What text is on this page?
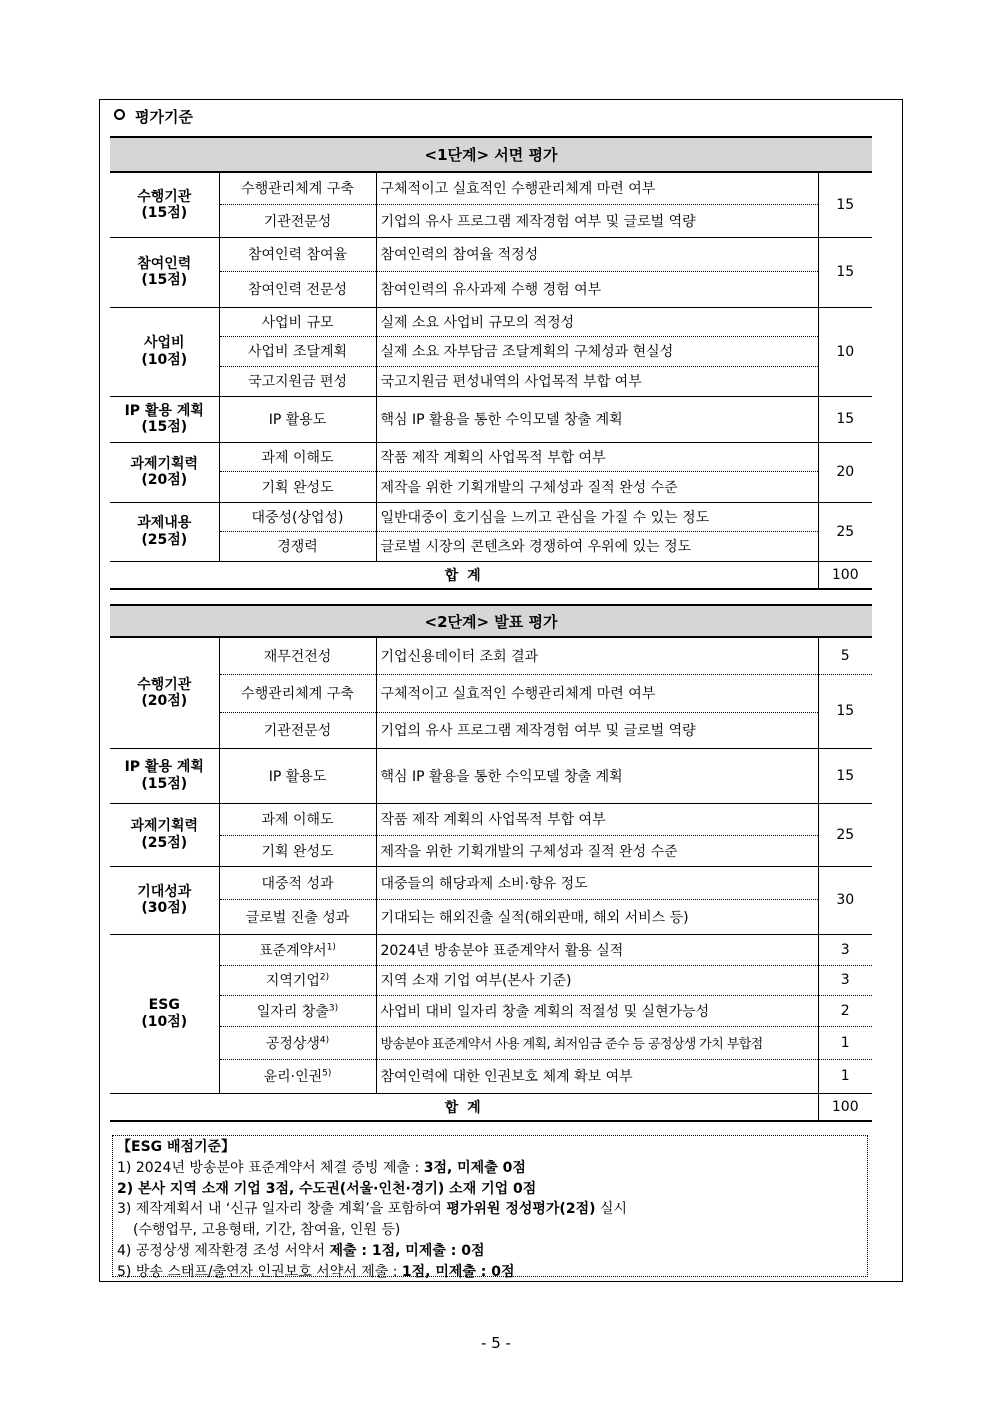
평가기준
<1단계> 서면 평가			
수행기관
(15점)	수행관리체계 구축	구체적이고 실효적인 수행관리체계 마련 여부	15
	기관전문성	기업의 유사 프로그램 제작경험 여부 및 글로벌 역량	
참여인력
(15점)	참여인력 참여율	참여인력의 참여율 적정성	15
	참여인력 전문성	참여인력의 유사과제 수행 경험 여부	
사업비
(10점)	사업비 규모	실제 소요 사업비 규모의 적정성	10
	사업비 조달계획	실제 소요 자부담금 조달계획의 구체성과 현실성	
	국고지원금 편성	국고지원금 편성내역의 사업목적 부합 여부	
IP 활용 계획
(15점)	IP 활용도	핵심 IP 활용을 통한 수익모델 창출 계획	15
과제기획력
(20점)	과제 이해도	작품 제작 계획의 사업목적 부합 여부	20
	기획 완성도	제작을 위한 기획개발의 구체성과 질적 완성 수준	
과제내용
(25점)	대중성(상업성)	일반대중이 호기심을 느끼고 관심을 가질 수 있는 정도	25
	경쟁력	글로벌 시장의 콘텐츠와 경쟁하여 우위에 있는 정도	
합 계			100
<2단계> 발표 평가			
수행기관
(20점)	재무건전성	기업신용데이터 조회 결과	5
	수행관리체계 구축	구체적이고 실효적인 수행관리체계 마련 여부	15
	기관전문성	기업의 유사 프로그램 제작경험 여부 및 글로벌 역량	
IP 활용 계획
(15점)	IP 활용도	핵심 IP 활용을 통한 수익모델 창출 계획	15
과제기획력
(25점)	과제 이해도	작품 제작 계획의 사업목적 부합 여부	25
	기획 완성도	제작을 위한 기획개발의 구체성과 질적 완성 수준	
기대성과
(30점)	대중적 성과	대중들의 해당과제 소비·향유 정도	30
	글로벌 진출 성과	기대되는 해외진출 실적(해외판매, 해외 서비스 등)	
ESG
(10점)	표준계약서$^{1)}$	2024년 방송분야 표준계약서 활용 실적	3
	지역기업$^{2)}$	지역 소재 기업 여부(본사 기준)	3
	일자리 창출$^{3)}$	사업비 대비 일자리 창출 계획의 적절성 및 실현가능성	2
	공정상생$^{4)}$	방송분야 표준계약서 사용 계획, 최저임금 준수 등 공정상생 가치 부합점	1
	윤리·인권$^{5)}$	참여인력에 대한 인권보호 체계 확보 여부	1
합 계			100
【ESG 배점기준】
1) 2024년 방송분야 표준계약서 체결 증빙 제출 : 3점, 미제출 0점
2) 본사 지역 소재 기업 3점, 수도권(서울·인천·경기) 소재 기업 0점
3) 제작계획서 내 ‘신규 일자리 창출 계획’을 포함하여 평가위원 정성평가(2점) 실시
(수행업무, 고용형태, 기간, 참여율, 인원 등)
4) 공정상생 제작환경 조성 서약서 제출 : 1점, 미제출 : 0점
5) 방송 스태프/출연자 인권보호 서약서 제출 : 1점, 미제출 : 0점
- 5 -
